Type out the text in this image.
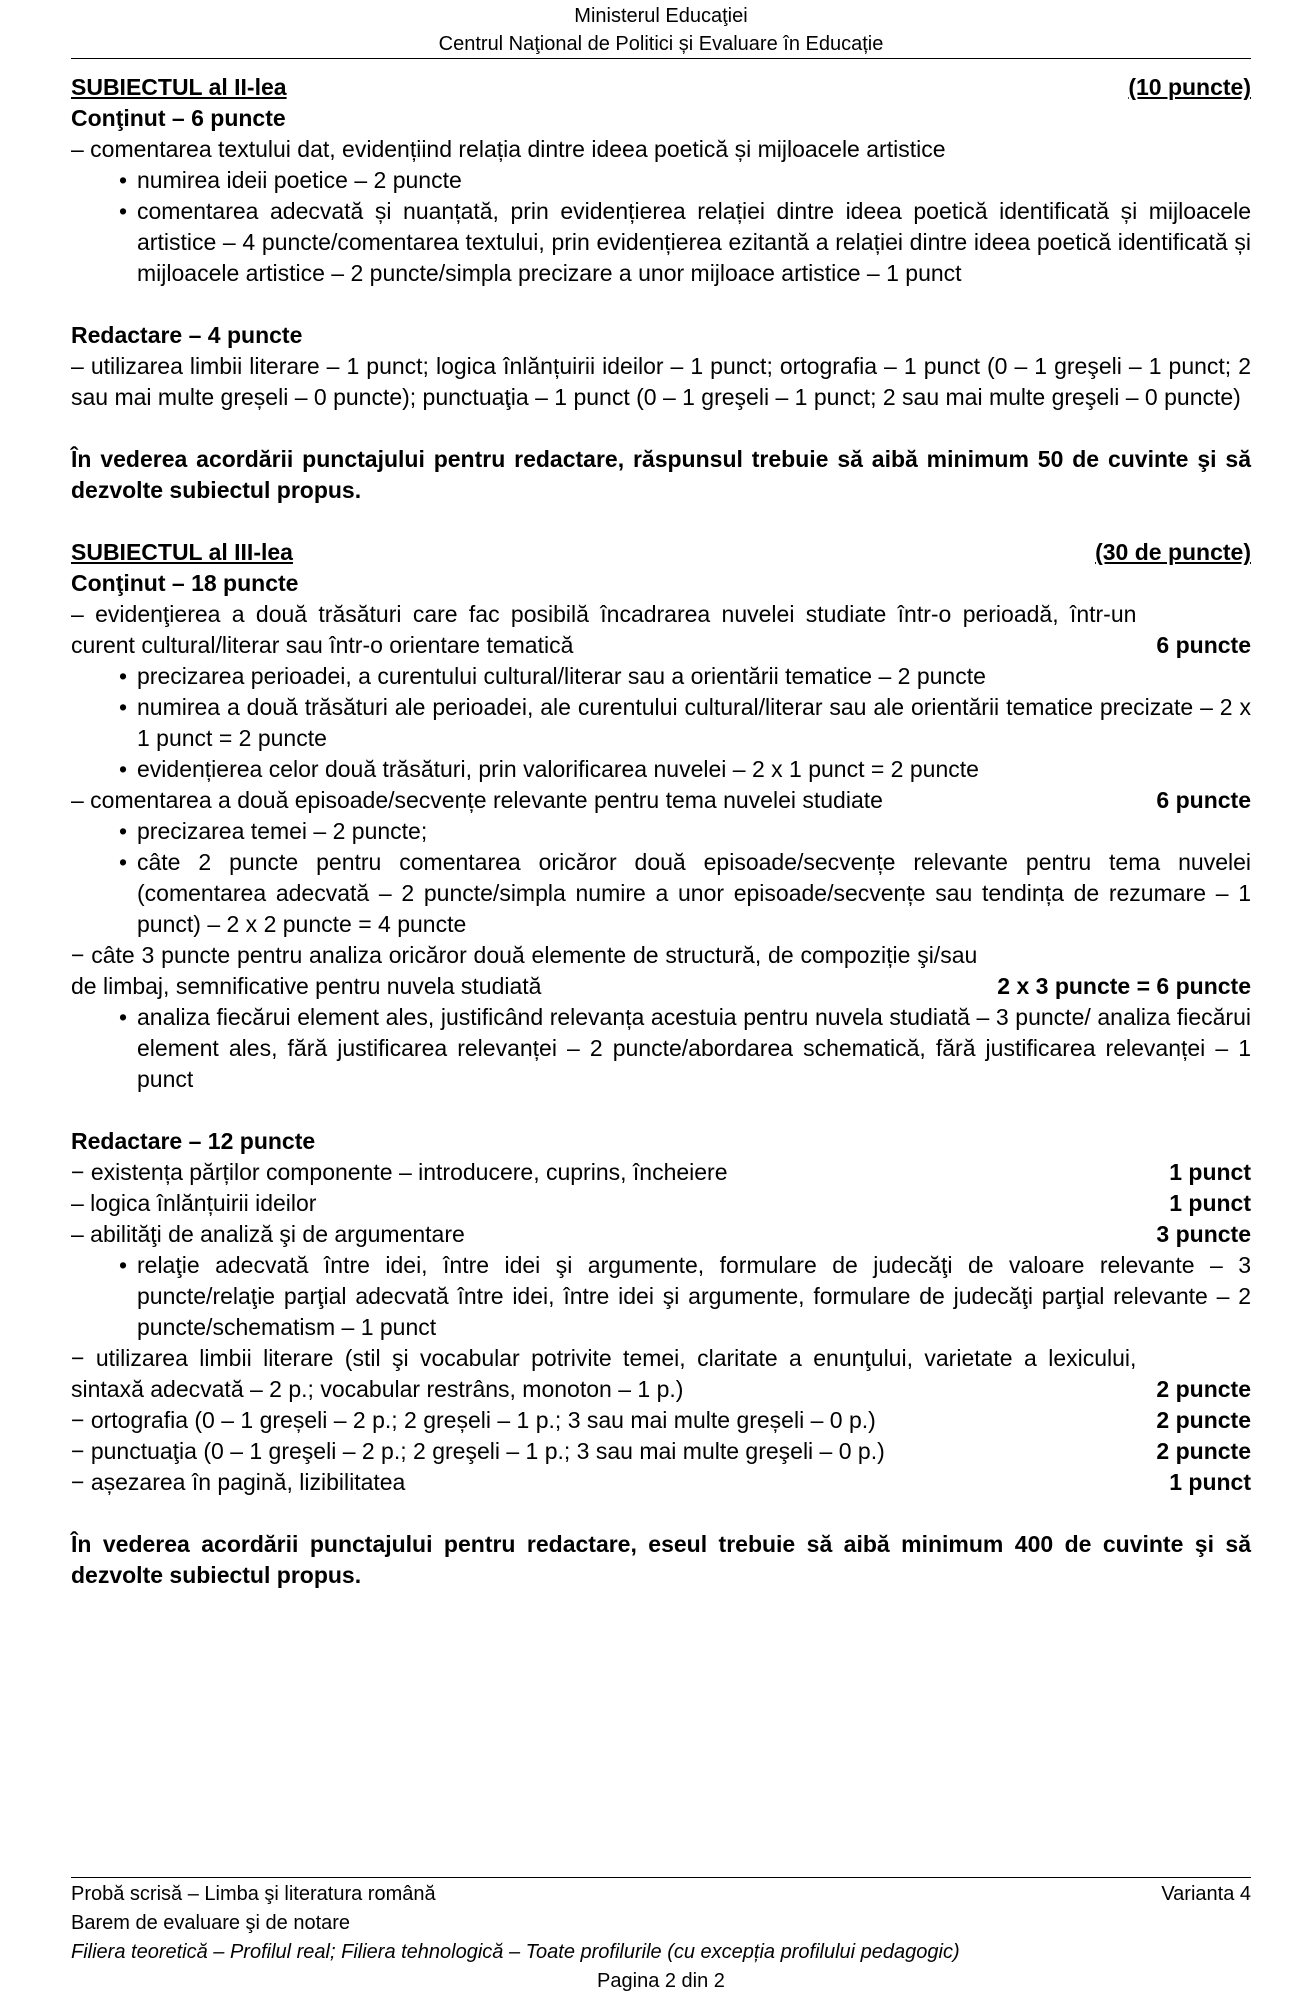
Ministerul Educaţiei
Centrul Naţional de Politici și Evaluare în Educație
SUBIECTUL al II-lea	(10 puncte)
Conţinut – 6 puncte
– comentarea textului dat, evidențiind relația dintre ideea poetică și mijloacele artistice
• numirea ideii poetice – 2 puncte
• comentarea adecvată și nuanțată, prin evidențierea relației dintre ideea poetică identificată și mijloacele artistice – 4 puncte/comentarea textului, prin evidențierea ezitantă a relației dintre ideea poetică identificată și mijloacele artistice – 2 puncte/simpla precizare a unor mijloace artistice – 1 punct
Redactare – 4 puncte
– utilizarea limbii literare – 1 punct; logica înlănțuirii ideilor – 1 punct; ortografia – 1 punct (0 – 1 greşeli – 1 punct; 2 sau mai multe greșeli – 0 puncte); punctuaţia – 1 punct (0 – 1 greşeli – 1 punct; 2 sau mai multe greşeli – 0 puncte)
În vederea acordării punctajului pentru redactare, răspunsul trebuie să aibă minimum 50 de cuvinte şi să dezvolte subiectul propus.
SUBIECTUL al III-lea	(30 de puncte)
Conţinut – 18 puncte
– evidenţierea a două trăsături care fac posibilă încadrarea nuvelei studiate într-o perioadă, într-un curent cultural/literar sau într-o orientare tematică	6 puncte
• precizarea perioadei, a curentului cultural/literar sau a orientării tematice – 2 puncte
• numirea a două trăsături ale perioadei, ale curentului cultural/literar sau ale orientării tematice precizate – 2 x 1 punct = 2 puncte
• evidențierea celor două trăsături, prin valorificarea nuvelei – 2 x 1 punct = 2 puncte
– comentarea a două episoade/secvențe relevante pentru tema nuvelei studiate	6 puncte
• precizarea temei – 2 puncte;
• câte 2 puncte pentru comentarea oricăror două episoade/secvențe relevante pentru tema nuvelei (comentarea adecvată – 2 puncte/simpla numire a unor episoade/secvențe sau tendința de rezumare – 1 punct) – 2 x 2 puncte = 4 puncte
− câte 3 puncte pentru analiza oricăror două elemente de structură, de compoziție şi/sau de limbaj, semnificative pentru nuvela studiată	2 x 3 puncte = 6 puncte
• analiza fiecărui element ales, justificând relevanța acestuia pentru nuvela studiată – 3 puncte/ analiza fiecărui element ales, fără justificarea relevanței – 2 puncte/abordarea schematică, fără justificarea relevanței – 1 punct
Redactare – 12 puncte
− existența părților componente – introducere, cuprins, încheiere	1 punct
– logica înlănțuirii ideilor	1 punct
– abilităţi de analiză şi de argumentare	3 puncte
• relaţie adecvată între idei, între idei şi argumente, formulare de judecăţi de valoare relevante – 3 puncte/relaţie parţial adecvată între idei, între idei şi argumente, formulare de judecăţi parţial relevante – 2 puncte/schematism – 1 punct
− utilizarea limbii literare (stil şi vocabular potrivite temei, claritate a enunţului, varietate a lexicului, sintaxă adecvată – 2 p.; vocabular restrâns, monoton – 1 p.)	2 puncte
− ortografia (0 – 1 greșeli – 2 p.; 2 greșeli – 1 p.; 3 sau mai multe greșeli – 0 p.)	2 puncte
− punctuaţia (0 – 1 greşeli – 2 p.; 2 greşeli – 1 p.; 3 sau mai multe greşeli – 0 p.)	2 puncte
− așezarea în pagină, lizibilitatea	1 punct
În vederea acordării punctajului pentru redactare, eseul trebuie să aibă minimum 400 de cuvinte şi să dezvolte subiectul propus.
Probă scrisă – Limba şi literatura română	Varianta 4
Barem de evaluare şi de notare
Filiera teoretică – Profilul real; Filiera tehnologică – Toate profilurile (cu excepția profilului pedagogic)
Pagina 2 din 2
